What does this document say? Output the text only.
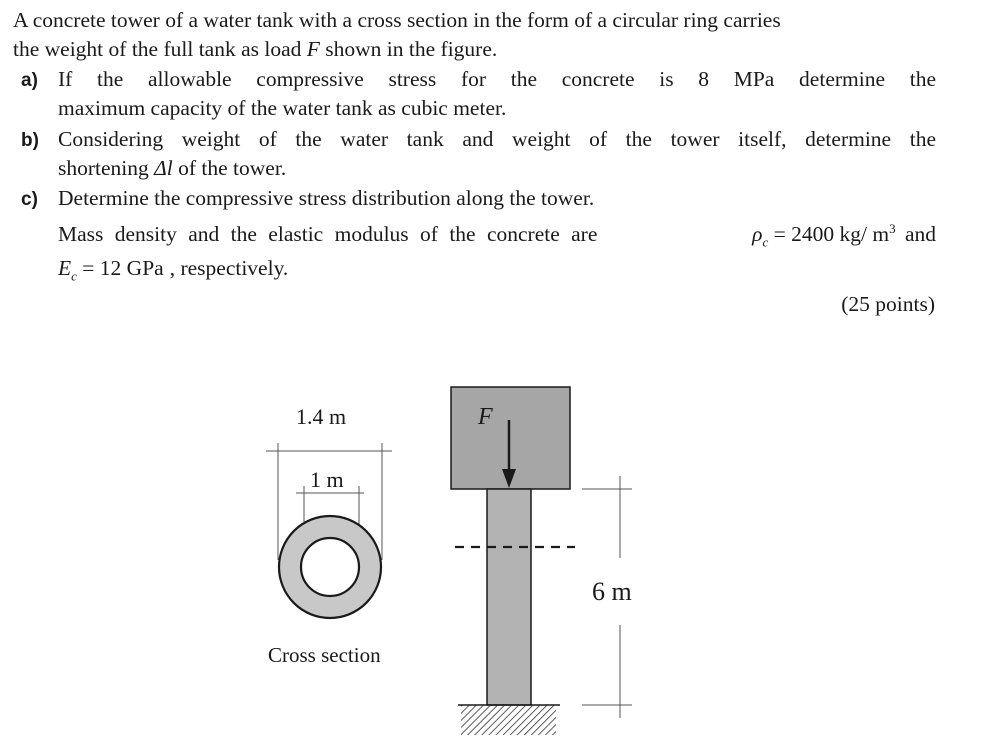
A concrete tower of a water tank with a cross section in the form of a circular ring carries
the weight of the full tank as load F shown in the figure.
a) If the allowable compressive stress for the concrete is 8 MPa determine the
maximum capacity of the water tank as cubic meter.
b) Considering weight of the water tank and weight of the tower itself, determine the
shortening Δl of the tower.
c) Determine the compressive stress distribution along the tower.
Mass density and the elastic modulus of the concrete are	$\rho_c = 2400$ kg/ $m^3$ and
$E_c = 12$ GPa , respectively.
(25 points)
1.4 m
1 m
Cross section
F
6 m
